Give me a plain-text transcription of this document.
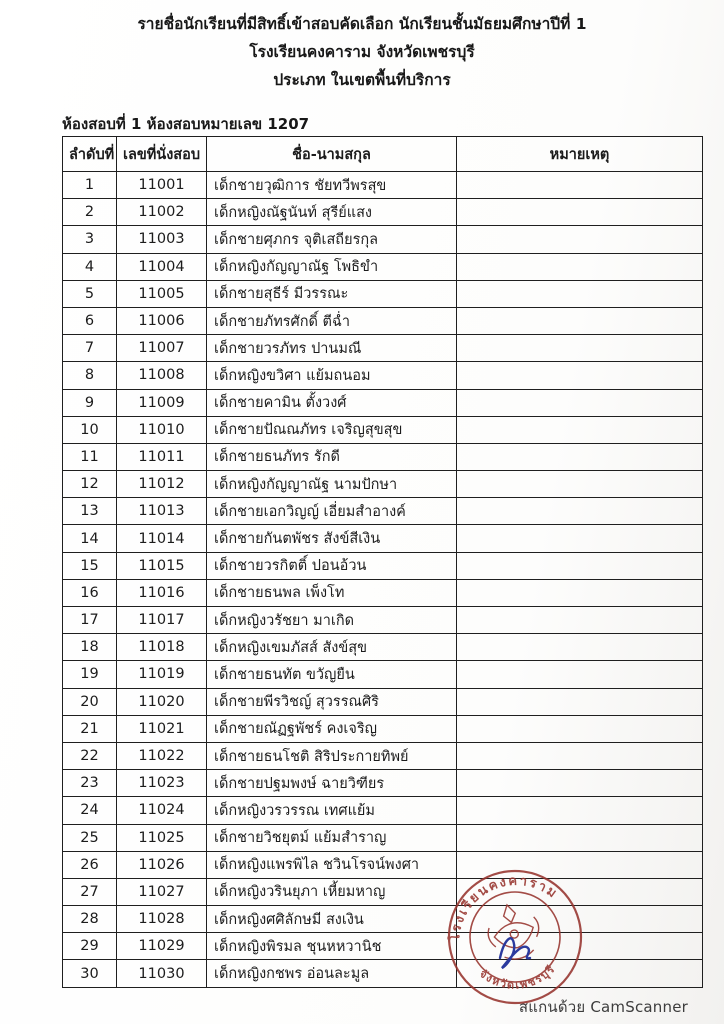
รายชื่อนักเรียนที่มีสิทธิ์เข้าสอบคัดเลือก นักเรียนชั้นมัธยมศึกษาปีที่ 1
โรงเรียนคงคาราม จังหวัดเพชรบุรี
ประเภท ในเขตพื้นที่บริการ
ห้องสอบที่ 1 ห้องสอบหมายเลข 1207
ลำดับที่	เลขที่นั่งสอบ	ชื่อ-นามสกุล	หมายเหตุ
1	11001	เด็กชายวุฒิการ ชัยทวีพรสุข	
2	11002	เด็กหญิงณัฐนันท์ สุรีย์แสง	
3	11003	เด็กชายศุภกร จุติเสถียรกุล	
4	11004	เด็กหญิงกัญญาณัฐ โพธิขำ	
5	11005	เด็กชายสุธีร์ มีวรรณะ	
6	11006	เด็กชายภัทรศักดิ์ ตีฉ่ำ	
7	11007	เด็กชายวรภัทร ปานมณี	
8	11008	เด็กหญิงขวิศา แย้มถนอม	
9	11009	เด็กชายคามิน ตั้งวงศ์	
10	11010	เด็กชายปัณณภัทร เจริญสุขสุข	
11	11011	เด็กชายธนภัทร รักดี	
12	11012	เด็กหญิงกัญญาณัฐ นามปักษา	
13	11013	เด็กชายเอกวิญญ์ เอี่ยมสำอางค์	
14	11014	เด็กชายกันตพัชร สังข์สีเงิน	
15	11015	เด็กชายวรกิตติ์ ปอนอ้วน	
16	11016	เด็กชายธนพล เพ็งโท	
17	11017	เด็กหญิงวรัชยา มาเกิด	
18	11018	เด็กหญิงเขมภัสส์ สังข์สุข	
19	11019	เด็กชายธนทัต ขวัญยืน	
20	11020	เด็กชายพีรวิชญ์ สุวรรณศิริ	
21	11021	เด็กชายณัฏฐพัชร์ คงเจริญ	
22	11022	เด็กชายธนโชติ สิริประกายทิพย์	
23	11023	เด็กชายปฐมพงษ์ ฉายวิฑียร	
24	11024	เด็กหญิงวรวรรณ เทศแย้ม	
25	11025	เด็กชายวิชยุตม์ แย้มสำราญ	
26	11026	เด็กหญิงแพรพิไล ชวินโรจน์พงศา	
27	11027	เด็กหญิงวรินยุภา เหี้ยมหาญ	
28	11028	เด็กหญิงศศิลักษมี สงเงิน	
29	11029	เด็กหญิงพิรมล ชุนหหวานิช	
30	11030	เด็กหญิงกชพร อ่อนละมูล	
โรงเรียนคงคาราม
จังหวัดเพชรบุรี
สแกนด้วย CamScanner
